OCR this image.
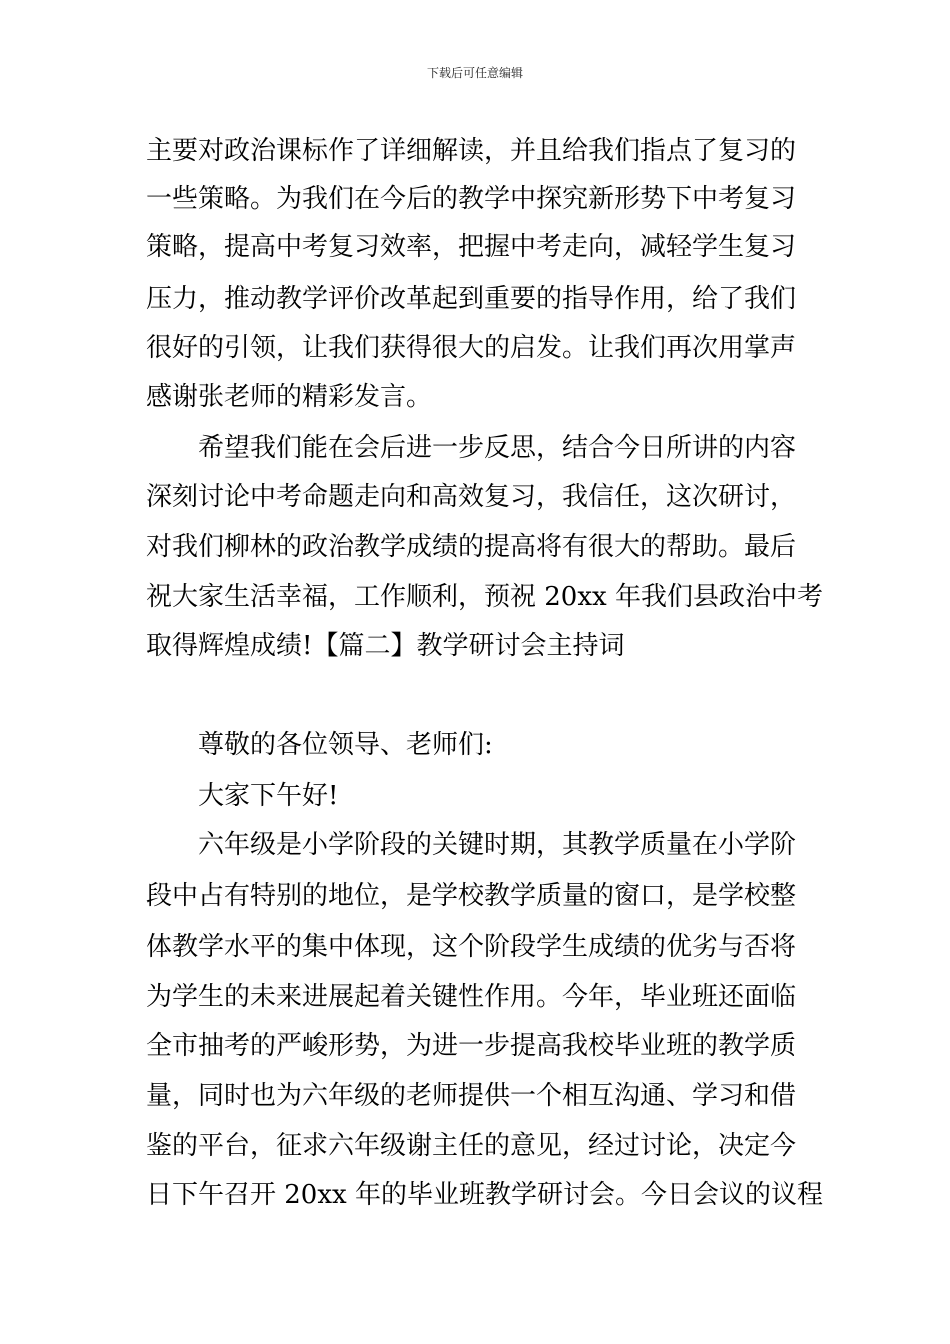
下载后可任意编辑
主要对政治课标作了详细解读，并且给我们指点了复习的
一些策略。为我们在今后的教学中探究新形势下中考复习
策略，提高中考复习效率，把握中考走向，减轻学生复习
压力，推动教学评价改革起到重要的指导作用，给了我们
很好的引领，让我们获得很大的启发。让我们再次用掌声
感谢张老师的精彩发言。
希望我们能在会后进一步反思，结合今日所讲的内容
深刻讨论中考命题走向和高效复习，我信任，这次研讨，
对我们柳林的政治教学成绩的提高将有很大的帮助。最后
祝大家生活幸福，工作顺利，预祝 20xx 年我们县政治中考
取得辉煌成绩!【篇二】教学研讨会主持词
尊敬的各位领导、老师们:
大家下午好!
六年级是小学阶段的关键时期，其教学质量在小学阶
段中占有特别的地位，是学校教学质量的窗口，是学校整
体教学水平的集中体现，这个阶段学生成绩的优劣与否将
为学生的未来进展起着关键性作用。今年，毕业班还面临
全市抽考的严峻形势，为进一步提高我校毕业班的教学质
量，同时也为六年级的老师提供一个相互沟通、学习和借
鉴的平台，征求六年级谢主任的意见，经过讨论，决定今
日下午召开 20xx 年的毕业班教学研讨会。今日会议的议程
